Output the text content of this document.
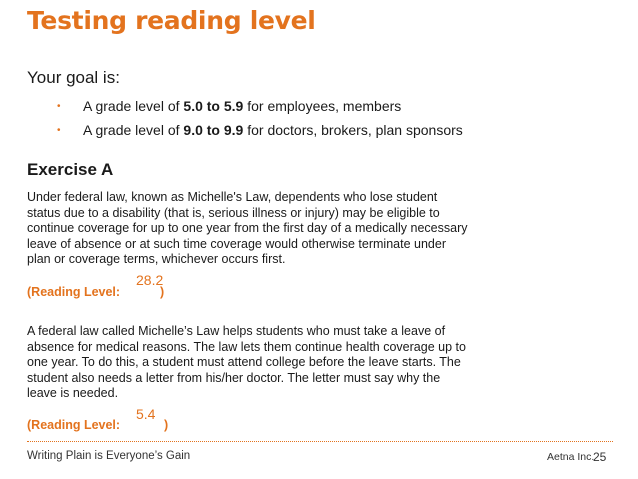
Testing reading level
Your goal is:
• A grade level of 5.0 to 5.9 for employees, members
• A grade level of 9.0 to 9.9 for doctors, brokers, plan sponsors
Exercise A
Under federal law, known as Michelle's Law, dependents who lose student
status due to a disability (that is, serious illness or injury) may be eligible to
continue coverage for up to one year from the first day of a medically necessary
leave of absence or at such time coverage would otherwise terminate under
plan or coverage terms, whichever occurs first.
28.2
(Reading Level:	)
A federal law called Michelle’s Law helps students who must take a leave of
absence for medical reasons. The law lets them continue health coverage up to
one year. To do this, a student must attend college before the leave starts. The
student also needs a letter from his/her doctor. The letter must say why the
leave is needed.
5.4
(Reading Level:	)
Writing Plain is Everyone’s Gain	Aetna Inc.
25
